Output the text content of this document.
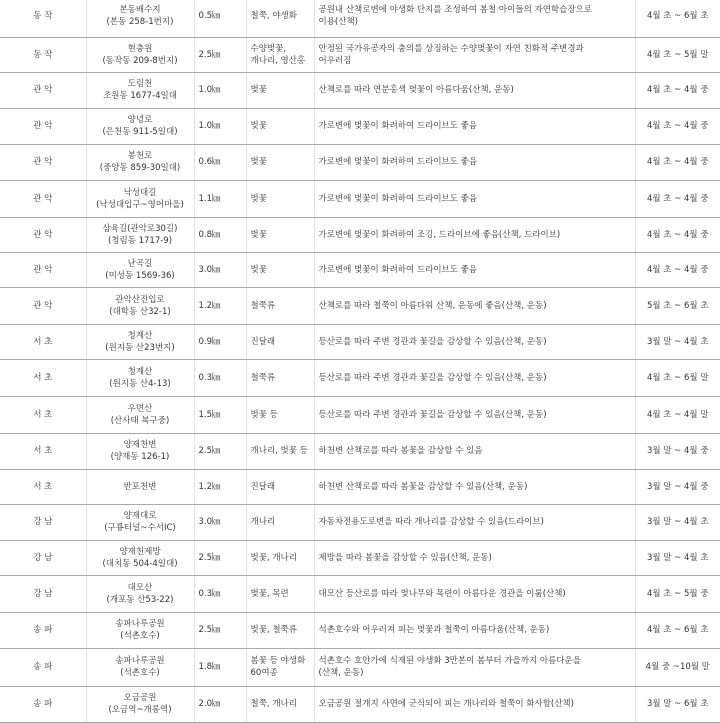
동 작	본동배수지
(본동 258-1번지)	0.5㎞	철쭉, 야생화	공원내 산책로변에 야생화 단지를 조성하여 봄철 아이들의 자연학습장으로
이용(산책)	4월 초 ~ 6월 초

동 작	현충원
(동작동 209-8번지)	2.5㎞	수양벚꽃,
개나리, 영산홍	안정된 국가유공자의 충의를 상징하는 수양벚꽃이 자연 친화적 주변경과
어우러짐	4월 초 ~ 5월 말

관 악	도림천
조원동 1677-4일대	1.0㎞	벚꽃	산책로를 따라 연분홍색 벚꽃이 아름다움(산책, 운동)	4월 초 ~ 4월 중

관 악	양녕로
(은천동 911-5일대)	1.0㎞	벚꽃	가로변에 벚꽃이 화려하여 드라이브도 좋음	4월 초 ~ 4월 중

관 악	봉천로
(중앙동 859-30일대)	0.6㎞	벚꽃	가로변에 벚꽃이 화려하여 드라이브도 좋음	4월 초 ~ 4월 중

관 악	낙성대길
(낙성대입구~영어마을)	1.1㎞	벚꽃	가로변에 벚꽃이 화려하여 드라이브도 좋음	4월 초 ~ 4월 중

관 악	삼육길(관악로30길)
(청림동 1717-9)	0.8㎞	벚꽃	가로변에 벚꽃이 화려하여 조깅, 드라이브에 좋음(산책, 드라이브)	4월 초 ~ 4월 중

관 악	난곡길
(미성동 1569-36)	3.0㎞	벚꽃	가로변에 벚꽃이 화려하여 드라이브도 좋음	4월 초 ~ 4월 중

관 악	관악산진입로
(대학동 산32-1)	1.2㎞	철쭉류	산책로를 따라 철쭉이 아름다워 산책, 운동에 좋음(산책, 운동)	5월 초 ~ 6월 초

서 초	청계산
(원지동 산23번지)	0.9㎞	진달래	등산로를 따라 주변 경관과 꽃길을 감상할 수 있음(산책, 운동)	3월 말 ~ 4월 초

서 초	청계산
(원지동 산4-13)	0.3㎞	철쭉류	등산로를 따라 주변 경관과 꽃길을 감상할 수 있음(산책, 운동)	4월 초 ~ 6월 말

서 초	우면산
(산사태 복구중)	1.5㎞	벚꽃 등	등산로를 따라 주변 경관과 꽃길을 감상할 수 있음(산책, 운동)	4월 초 ~ 4월 말

서 초	양재천변
(양재동 126-1)	2.5㎞	개나리, 벚꽃 등	하천변 산책로를 따라 봄꽃을 감상할 수 있음	3월 말 ~ 4월 중

서 초	반포천변	1.2㎞	진달래	하천변 산책로를 따라 봄꽃을 감상할 수 있음(산책, 운동)	3월 말 ~ 4월 중

강 남	양재대로
(구룡터널~수서IC)	3.0㎞	개나리	자동차전용도로변을 따라 개나리를 감상할 수 있음(드라이브)	3월 말 ~ 4월 초

강 남	양재천제방
(대치동 504-4일대)	2.5㎞	벚꽃, 개나리	제방을 따라 봄꽃을 감상할 수 있음(산책, 운동)	3월 말 ~ 4월 초

강 남	대모산
(개포동 산53-22)	0.3㎞	벚꽃, 목련	대모산 등산로를 따라 벚나무와 목련이 아름다운 경관을 이룸(산책)	4월 초 ~ 5월 중

송 파	송파나루공원
(석촌호수)	2.5㎞	벚꽃, 철쭉류	석촌호수와 어우러져 피는 벚꽃과 철쭉이 아름다움(산책, 운동)	4월 초 ~ 6월 초

송 파	송파나루공원
(석촌호수)	1.8㎞	봄꽃 등 야생화
60여종	석촌호수 호안가에 식재된 야생화 3만본이 봄부터 가을까지 아름다운을
(산책, 운동)	4월 중 ~10월 말

송 파	오금공원
(오금역~개롱역)	2.0㎞	철쭉, 개나리	오금공원 절개지 사면에 군식되어 피는 개나리와 철쭉이 화사함(산책)	3월 말 ~ 6월 초
